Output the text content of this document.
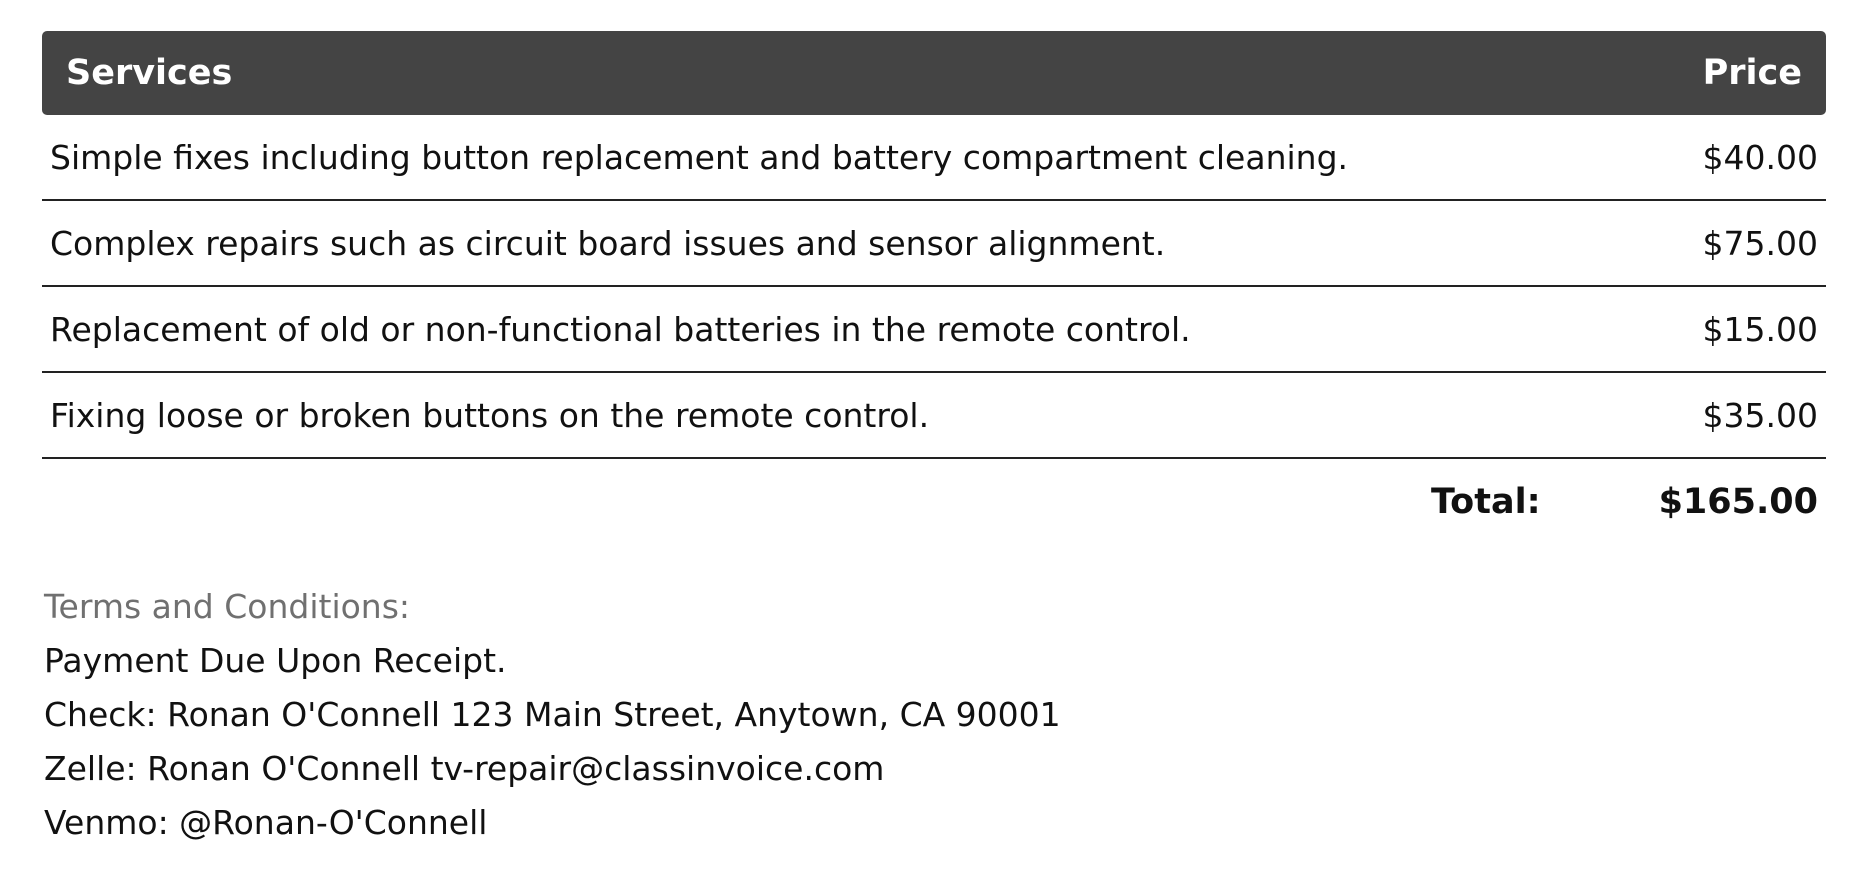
Services	Price
Simple fixes including button replacement and battery compartment cleaning.	$40.00
Complex repairs such as circuit board issues and sensor alignment.	$75.00
Replacement of old or non-functional batteries in the remote control.	$15.00
Fixing loose or broken buttons on the remote control.	$35.00
Total:	$165.00
Terms and Conditions:
Payment Due Upon Receipt.
Check: Ronan O'Connell 123 Main Street, Anytown, CA 90001
Zelle: Ronan O'Connell tv-repair@classinvoice.com
Venmo: @Ronan-O'Connell
